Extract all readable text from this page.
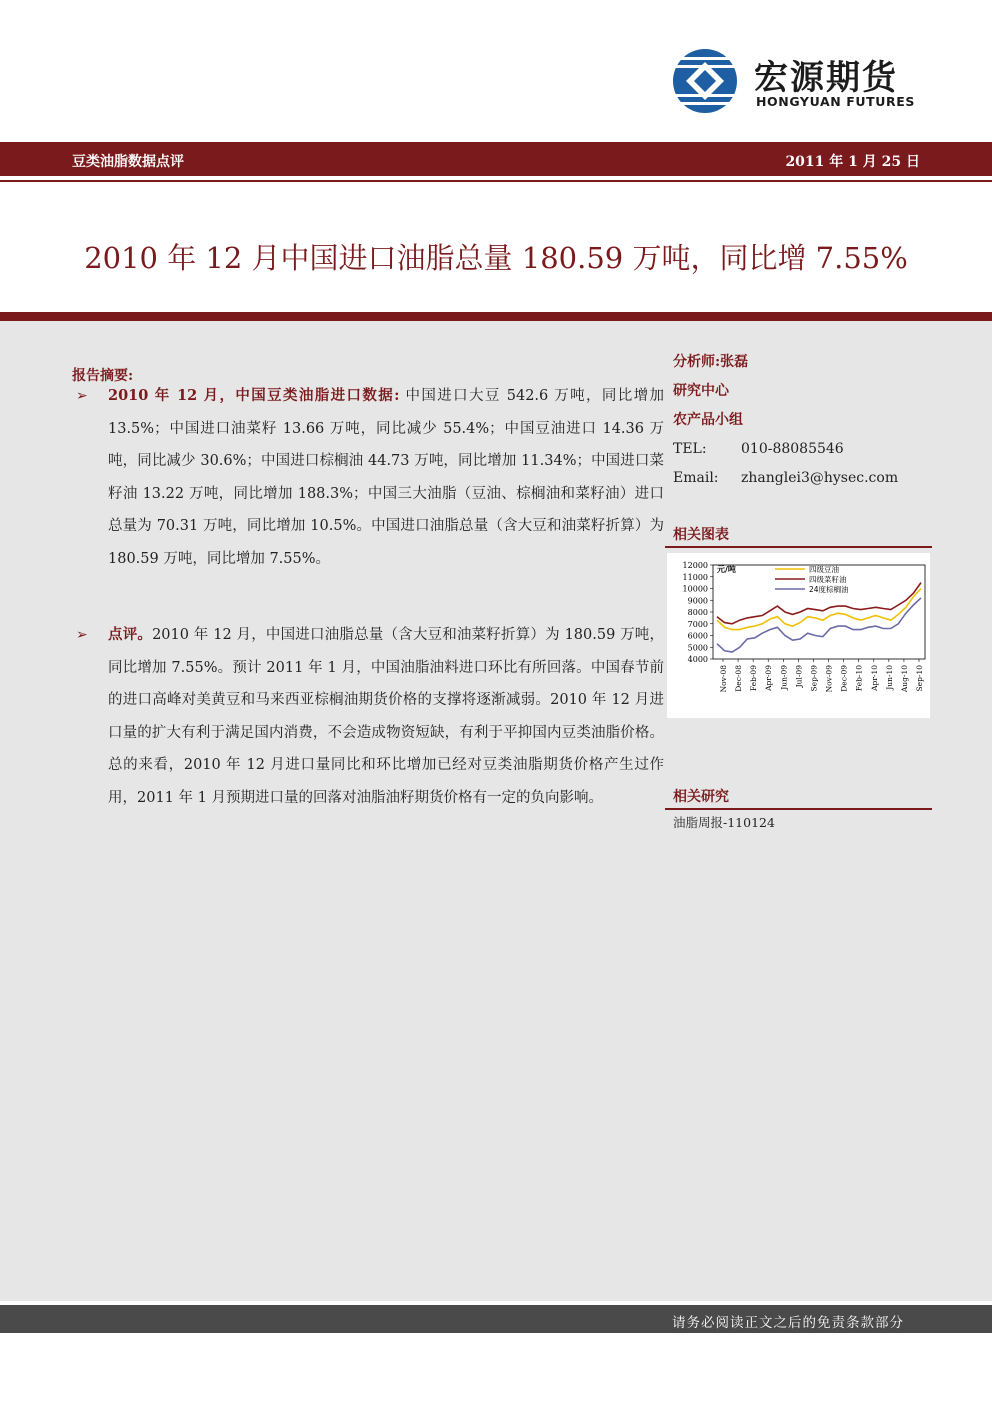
宏源期货
HONGYUAN FUTURES
豆类油脂数据点评	2011 年 1 月 25 日
2010 年 12 月中国进口油脂总量 180.59 万吨，同比增 7.55%
报告摘要:
➢ 2010 年 12 月，中国豆类油脂进口数据: 中国进口大豆 542.6 万吨，同比增加 13.5%；中国进口油菜籽 13.66 万吨，同比减少 55.4%；中国豆油进口 14.36 万吨，同比减少 30.6%；中国进口棕榈油 44.73 万吨，同比增加 11.34%；中国进口菜籽油 13.22 万吨，同比增加 188.3%；中国三大油脂（豆油、棕榈油和菜籽油）进口总量为 70.31 万吨，同比增加 10.5%。中国进口油脂总量（含大豆和油菜籽折算）为 180.59 万吨，同比增加 7.55%。
➢ 点评。2010 年 12 月，中国进口油脂总量（含大豆和油菜籽折算）为 180.59 万吨，同比增加 7.55%。预计 2011 年 1 月，中国油脂油料进口环比有所回落。中国春节前的进口高峰对美黄豆和马来西亚棕榈油期货价格的支撑将逐渐减弱。2010 年 12 月进口量的扩大有利于满足国内消费，不会造成物资短缺，有利于平抑国内豆类油脂价格。总的来看，2010 年 12 月进口量同比和环比增加已经对豆类油脂期货价格产生过作用，2011 年 1 月预期进口量的回落对油脂油籽期货价格有一定的负向影响。
分析师:张磊
研究中心
农产品小组
TEL: 010-88085546
Email: zhanglei3@hysec.com
相关图表
12000
11000
10000
9000
8000
7000
6000
5000
4000
元/吨
Nov-08 Dec-08 Feb-09 Apr-09 Jun-09 Jul-09 Sep-09 Nov-09 Dec-09 Feb-10 Apr-10 Jun-10 Aug-10 Sep-10
四级豆油
四级菜籽油
24度棕榈油
相关研究
油脂周报-110124
请务必阅读正文之后的免责条款部分
